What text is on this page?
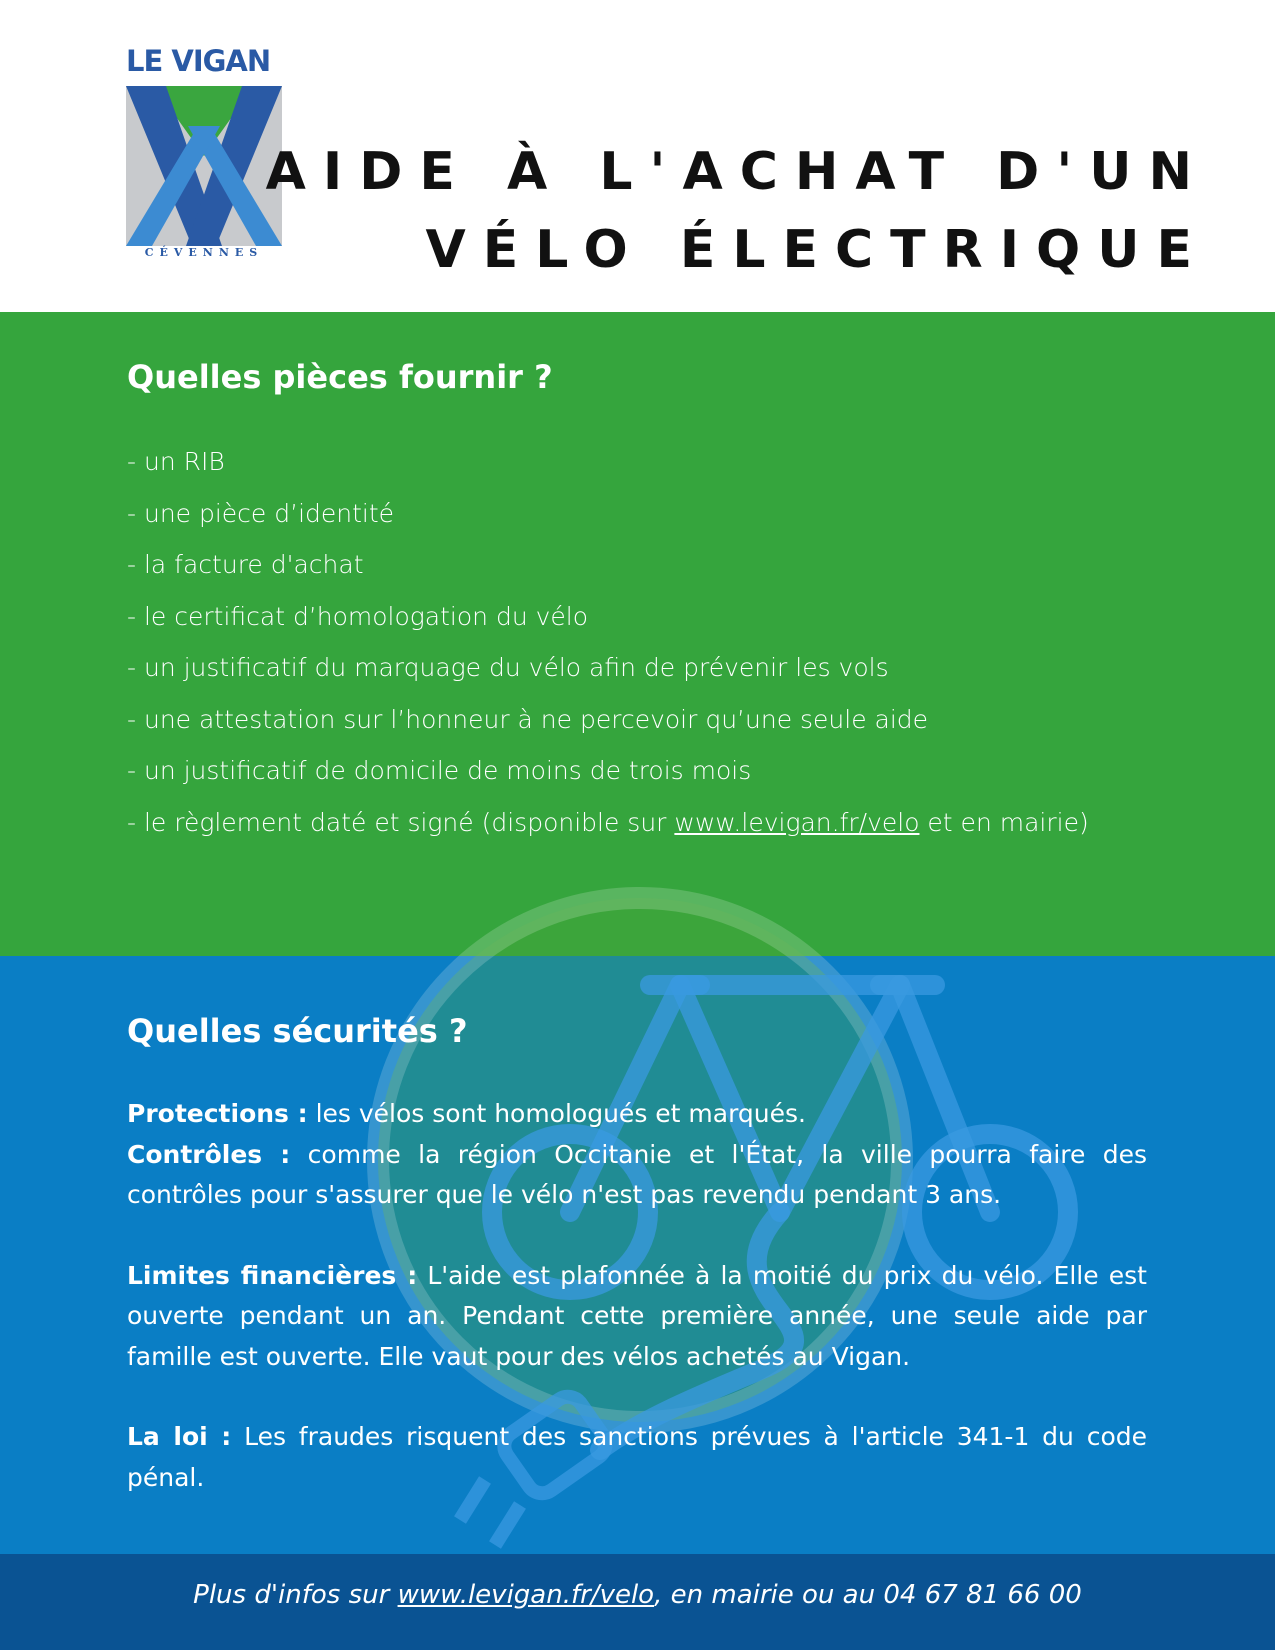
LE VIGAN
CÉVENNES
AIDE À L'ACHAT D'UN
VÉLO ÉLECTRIQUE
Quelles pièces fournir ?
- un RIB
- une pièce d’identité
- la facture d'achat
- le certificat d’homologation du vélo
- un justificatif du marquage du vélo afin de prévenir les vols
- une attestation sur l’honneur à ne percevoir qu’une seule aide
- un justificatif de domicile de moins de trois mois
- le règlement daté et signé (disponible sur www.levigan.fr/velo et en mairie)
Quelles sécurités ?

Protections : les vélos sont homologués et marqués.

Contrôles : comme la région Occitanie et l'État, la ville pourra faire des contrôles pour s'assurer que le vélo n'est pas revendu pendant 3 ans.

Limites financières : L'aide est plafonnée à la moitié du prix du vélo. Elle est ouverte pendant un an. Pendant cette première année, une seule aide par famille est ouverte. Elle vaut pour des vélos achetés au Vigan.

La loi : Les fraudes risquent des sanctions prévues à l'article 341-1 du code pénal.

Plus d'infos sur www.levigan.fr/velo, en mairie ou au 04 67 81 66 00
